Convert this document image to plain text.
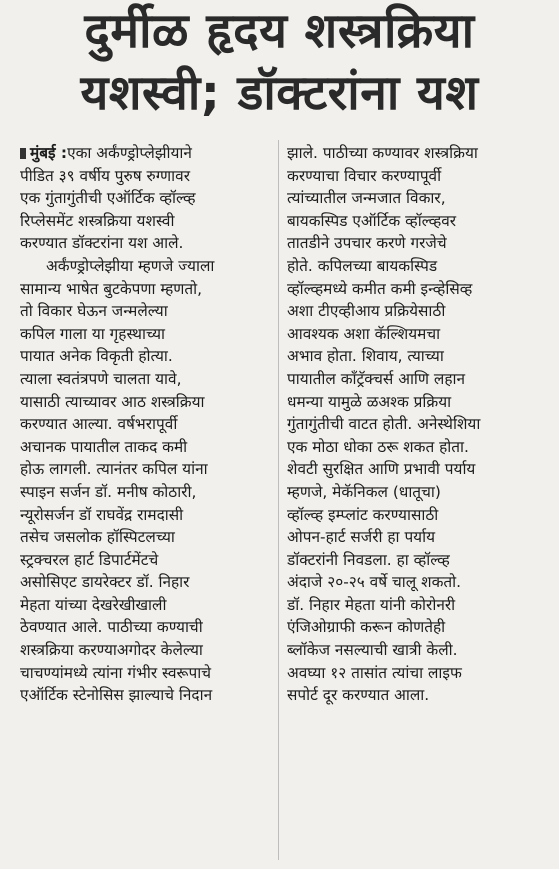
दुर्मीळ हृदय शस्त्रक्रिया
यशस्वी; डॉक्टरांना यश

मुंबई :एका अर्कंण्ड्रोप्लेझीयाने
पीडित ३९ वर्षीय पुरुष रुग्णावर
एक गुंतागुंतीची एऑर्टिक व्हॉल्व्ह
रिप्लेसमेंट शस्त्रक्रिया यशस्वी
करण्यात डॉक्टरांना यश आले.

अर्कंण्ड्रोप्लेझीया म्हणजे ज्याला
सामान्य भाषेत बुटकेपणा म्हणतो,
तो विकार घेऊन जन्मलेल्या
कपिल गाला या गृहस्थाच्या
पायात अनेक विकृती होत्या.
त्याला स्वतंत्रपणे चालता यावे,
यासाठी त्याच्यावर आठ शस्त्रक्रिया
करण्यात आल्या. वर्षभरापूर्वी
अचानक पायातील ताकद कमी
होऊ लागली. त्यानंतर कपिल यांना
स्पाइन सर्जन डॉ. मनीष कोठारी,
न्यूरोसर्जन डॉ राघवेंद्र रामदासी
तसेच जसलोक हॉस्पिटलच्या
स्ट्रक्चरल हार्ट डिपार्टमेंटचे
असोसिएट डायरेक्टर डॉ. निहार
मेहता यांच्या देखरेखीखाली
ठेवण्यात आले. पाठीच्या कण्याची
शस्त्रक्रिया करण्याअगोदर केलेल्या
चाचण्यांमध्ये त्यांना गंभीर स्वरूपाचे
एऑर्टिक स्टेनोसिस झाल्याचे निदान

झाले. पाठीच्या कण्यावर शस्त्रक्रिया
करण्याचा विचार करण्यापूर्वी
त्यांच्यातील जन्मजात विकार,
बायकस्पिड एऑर्टिक व्हॉल्व्हवर
तातडीने उपचार करणे गरजेचे
होते. कपिलच्या बायकस्पिड
व्हॉल्व्हमध्ये कमीत कमी इन्व्हेसिव्ह
अशा टीएव्हीआय प्रक्रियेसाठी
आवश्यक अशा कॅल्शियमचा
अभाव होता. शिवाय, त्याच्या
पायातील कॉंट्रॅक्चर्स आणि लहान
धमन्या यामुळे ळअश्क प्रक्रिया
गुंतागुंतीची वाटत होती. अनेस्थेशिया
एक मोठा धोका ठरू शकत होता.
शेवटी सुरक्षित आणि प्रभावी पर्याय
म्हणजे, मेकॅनिकल (धातूचा)
व्हॉल्व्ह इम्प्लांट करण्यासाठी
ओपन-हार्ट सर्जरी हा पर्याय
डॉक्टरांनी निवडला. हा व्हॉल्व्ह
अंदाजे २०-२५ वर्षे चालू शकतो.
डॉ. निहार मेहता यांनी कोरोनरी
एंजिओग्राफी करून कोणतेही
ब्लॉकेज नसल्याची खात्री केली.
अवघ्या १२ तासांत त्यांचा लाइफ
सपोर्ट दूर करण्यात आला.
